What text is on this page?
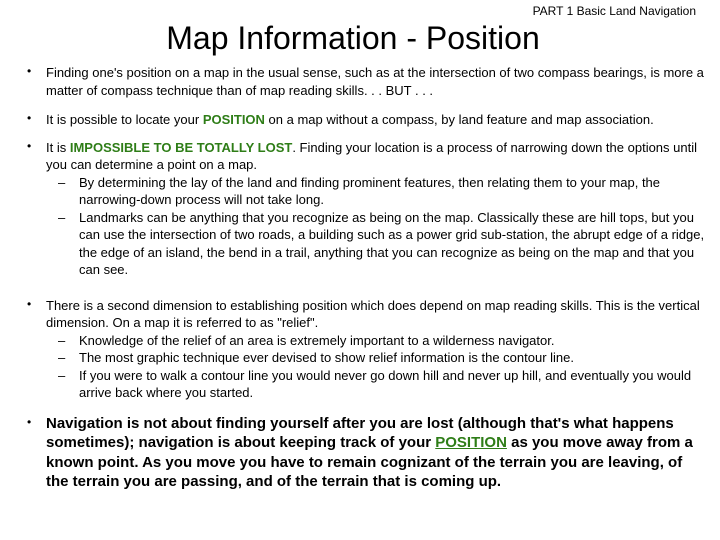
PART 1 Basic Land Navigation
Map Information - Position
• Finding one's position on a map in the usual sense, such as at the intersection of two compass bearings, is more a matter of compass technique than of map reading skills. . . BUT . . .
• It is possible to locate your POSITION on a map without a compass, by land feature and map association.
• It is IMPOSSIBLE TO BE TOTALLY LOST. Finding your location is a process of narrowing down the options until you can determine a point on a map.
– By determining the lay of the land and finding prominent features, then relating them to your map, the narrowing-down process will not take long.
– Landmarks can be anything that you recognize as being on the map. Classically these are hill tops, but you can use the intersection of two roads, a building such as a power grid sub-station, the abrupt edge of a ridge, the edge of an island, the bend in a trail, anything that you can recognize as being on the map and that you can see.
• There is a second dimension to establishing position which does depend on map reading skills. This is the vertical dimension. On a map it is referred to as "relief".
– Knowledge of the relief of an area is extremely important to a wilderness navigator.
– The most graphic technique ever devised to show relief information is the contour line.
– If you were to walk a contour line you would never go down hill and never up hill, and eventually you would arrive back where you started.
• Navigation is not about finding yourself after you are lost (although that's what happens sometimes); navigation is about keeping track of your POSITION as you move away from a known point. As you move you have to remain cognizant of the terrain you are leaving, of the terrain you are passing, and of the terrain that is coming up.
